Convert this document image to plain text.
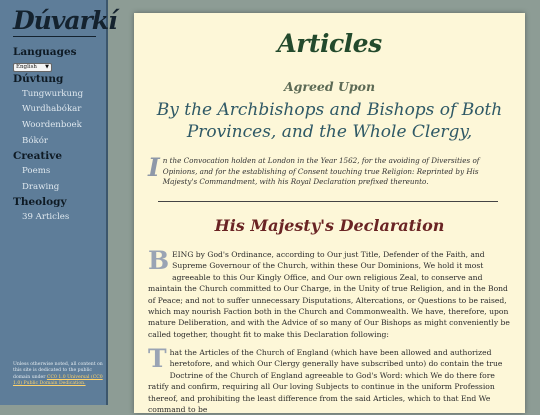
Dúvarkí
Languages
English ▼
Dúvtung
Tungwurkung
Wurdhabókar
Woordenboek
Bókór
Creative
Poems
Drawing
Theology
39 Articles
Unless otherwise noted, all content on this site is dedicated to the public domain under CC0 1.0 Universal (CC0 1.0) Public Domain Dedication.
Articles
Agreed Upon
By the Archbishops and Bishops of Both
Provinces, and the Whole Clergy,
I n the Convocation holden at London in the Year 1562, for the avoiding of Diversities of Opinions, and for the establishing of Consent touching true Religion: Reprinted by His Majesty's Commandment, with his Royal Declaration prefixed thereunto.
His Majesty's Declaration
B EING by God's Ordinance, according to Our just Title, Defender of the Faith, and Supreme Governour of the Church, within these Our Dominions, We hold it most agreeable to this Our Kingly Office, and Our own religious Zeal, to conserve and maintain the Church committed to Our Charge, in the Unity of true Religion, and in the Bond of Peace; and not to suffer unnecessary Disputations, Altercations, or Questions to be raised, which may nourish Faction both in the Church and Commonwealth. We have, therefore, upon mature Deliberation, and with the Advice of so many of Our Bishops as might conveniently be called together, thought fit to make this Declaration following:
T hat the Articles of the Church of England (which have been allowed and authorized heretofore, and which Our Clergy generally have subscribed unto) do contain the true Doctrine of the Church of England agreeable to God's Word: which We do there fore ratify and confirm, requiring all Our loving Subjects to continue in the uniform Profession thereof, and prohibiting the least difference from the said Articles, which to that End We command to be
